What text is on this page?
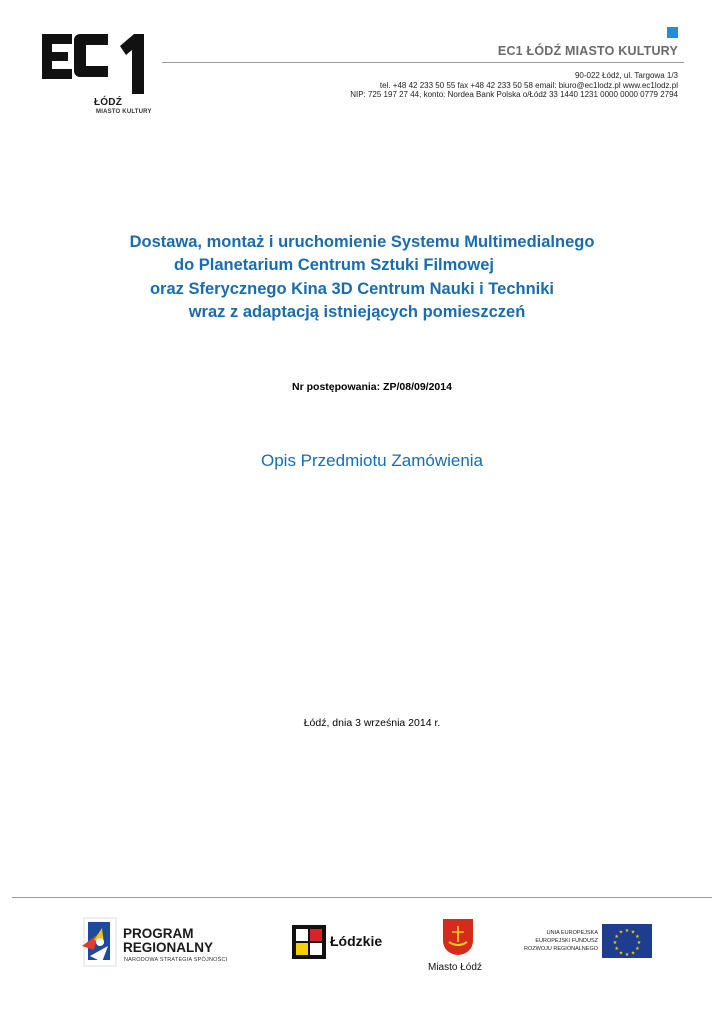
ŁÓDŹ
MIASTO KULTURY
EC1 ŁÓDŹ MIASTO KULTURY
90-022 Łódź, ul. Targowa 1/3
tel. +48 42 233 50 55 fax +48 42 233 50 58 email: biuro@ec1lodz.pl www.ec1lodz.pl
NIP: 725 197 27 44, konto: Nordea Bank Polska o/Łódź 33 1440 1231 0000 0000 0779 2794
Dostawa, montaż i uruchomienie Systemu Multimedialnego
do Planetarium Centrum Sztuki Filmowej
oraz Sferycznego Kina 3D Centrum Nauki i Techniki
wraz z adaptacją istniejących pomieszczeń
Nr postępowania: ZP/08/09/2014
Opis Przedmiotu Zamówienia
Łódź, dnia 3 września 2014 r.
PROGRAM
REGIONALNY
NARODOWA STRATEGIA SPÓJNOŚCI
Łódzkie
Miasto Łódź
UNIA EUROPEJSKA
EUROPEJSKI FUNDUSZ
ROZWOJU REGIONALNEGO
★ ★
★
★
★
★
★
★
★
★
★
★
